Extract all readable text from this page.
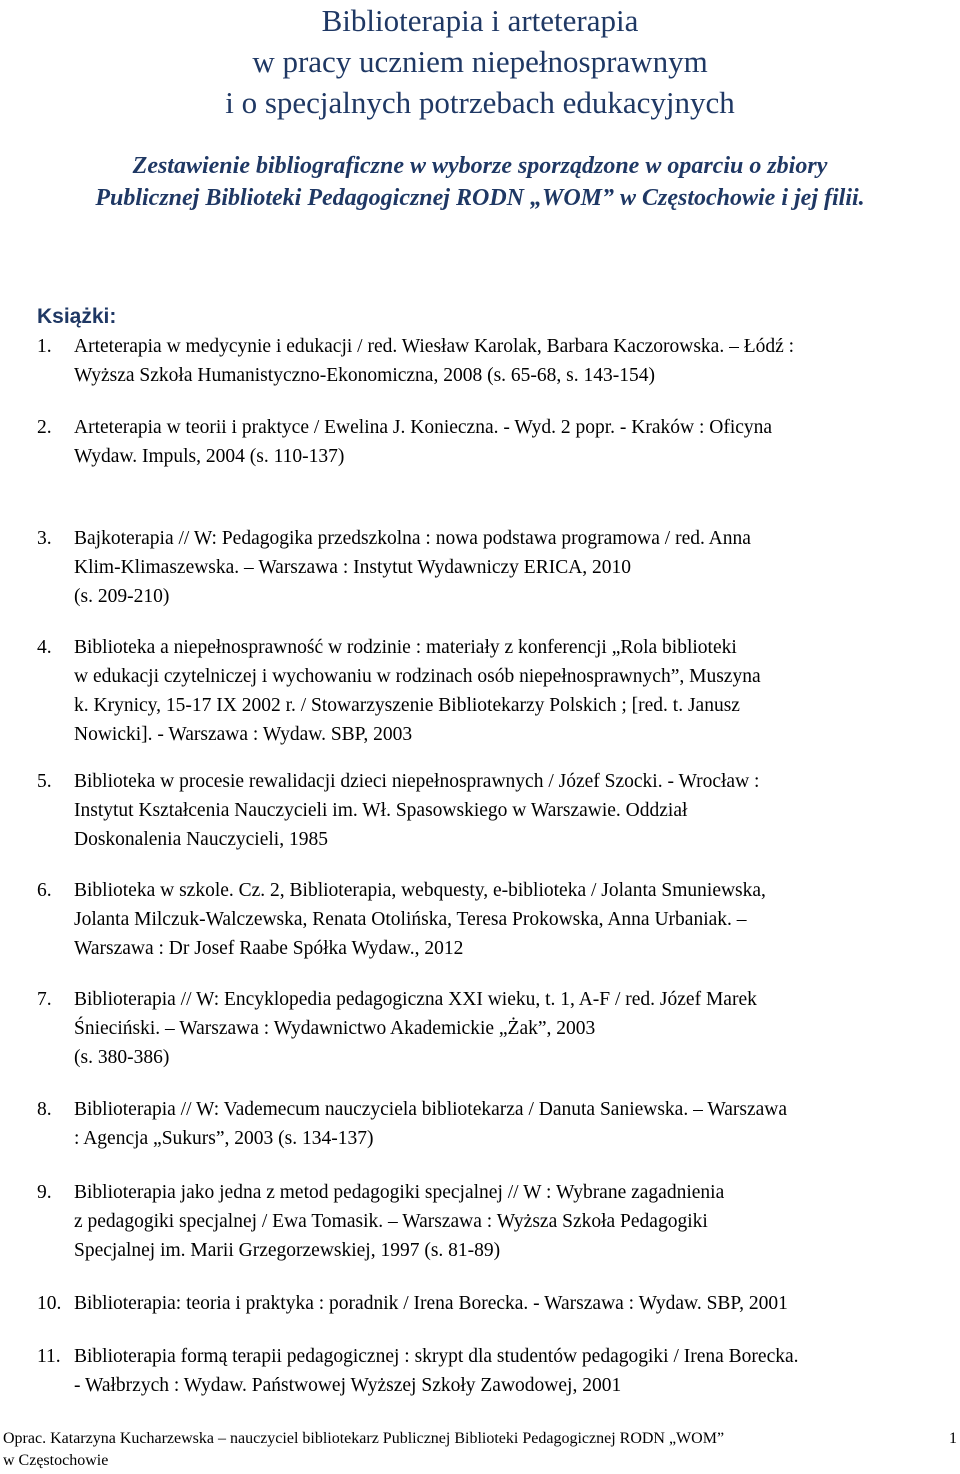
Biblioterapia i arteterapia
w pracy uczniem niepełnosprawnym
i o specjalnych potrzebach edukacyjnych
Zestawienie bibliograficzne w wyborze sporządzone w oparciu o zbiory
Publicznej Biblioteki Pedagogicznej RODN „WOM” w Częstochowie i jej filii.
Książki:
1.	Arteterapia w medycynie i edukacji / red. Wiesław Karolak, Barbara Kaczorowska. – Łódź :
Wyższa Szkoła Humanistyczno-Ekonomiczna, 2008 (s. 65-68, s. 143-154)
2.	Arteterapia w teorii i praktyce / Ewelina J. Konieczna. - Wyd. 2 popr. - Kraków : Oficyna
Wydaw. Impuls, 2004 (s. 110-137)
3.	Bajkoterapia // W: Pedagogika przedszkolna : nowa podstawa programowa / red. Anna
Klim-Klimaszewska. – Warszawa : Instytut Wydawniczy ERICA, 2010
(s. 209-210)
4.	Biblioteka a niepełnosprawność w rodzinie : materiały z konferencji „Rola biblioteki
w edukacji czytelniczej i wychowaniu w rodzinach osób niepełnosprawnych”, Muszyna
k. Krynicy, 15-17 IX 2002 r. / Stowarzyszenie Bibliotekarzy Polskich ; [red. t. Janusz
Nowicki]. - Warszawa : Wydaw. SBP, 2003
5.	Biblioteka w procesie rewalidacji dzieci niepełnosprawnych / Józef Szocki. - Wrocław :
Instytut Kształcenia Nauczycieli im. Wł. Spasowskiego w Warszawie. Oddział
Doskonalenia Nauczycieli, 1985
6.	Biblioteka w szkole. Cz. 2, Biblioterapia, webquesty, e-biblioteka / Jolanta Smuniewska,
Jolanta Milczuk-Walczewska, Renata Otolińska, Teresa Prokowska, Anna Urbaniak. –
Warszawa : Dr Josef Raabe Spółka Wydaw., 2012
7.	Biblioterapia // W: Encyklopedia pedagogiczna XXI wieku, t. 1, A-F / red. Józef Marek
Śnieciński. – Warszawa : Wydawnictwo Akademickie „Żak”, 2003
(s. 380-386)
8.	Biblioterapia // W: Vademecum nauczyciela bibliotekarza / Danuta Saniewska. – Warszawa
: Agencja „Sukurs”, 2003 (s. 134-137)
9.	Biblioterapia jako jedna z metod pedagogiki specjalnej // W : Wybrane zagadnienia
z pedagogiki specjalnej / Ewa Tomasik. – Warszawa : Wyższa Szkoła Pedagogiki
Specjalnej im. Marii Grzegorzewskiej, 1997 (s. 81-89)
10. Biblioterapia: teoria i praktyka : poradnik / Irena Borecka. - Warszawa : Wydaw. SBP, 2001
11. Biblioterapia formą terapii pedagogicznej : skrypt dla studentów pedagogiki / Irena Borecka.
- Wałbrzych : Wydaw. Państwowej Wyższej Szkoły Zawodowej, 2001
Oprac. Katarzyna Kucharzewska – nauczyciel bibliotekarz Publicznej Biblioteki Pedagogicznej RODN „WOM”
w Częstochowie
1
